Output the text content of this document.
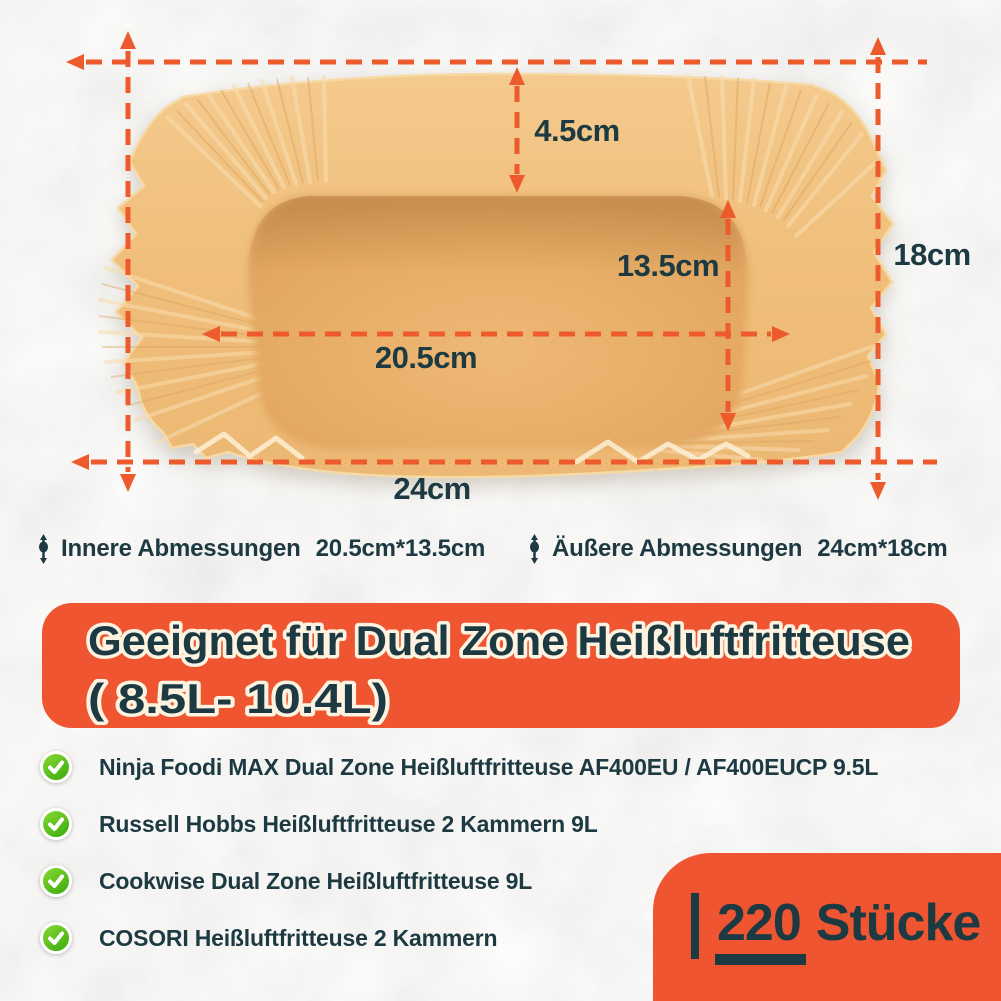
4.5cm
13.5cm
20.5cm
18cm
24cm
Innere Abmessungen 20.5cm*13.5cm	Äußere Abmessungen 24cm*18cm
Geeignet für Dual Zone Heißluftfritteuse
( 8.5L- 10.4L)
Ninja Foodi MAX Dual Zone Heißluftfritteuse AF400EU / AF400EUCP 9.5L
Russell Hobbs Heißluftfritteuse 2 Kammern 9L
Cookwise Dual Zone Heißluftfritteuse 9L
COSORI Heißluftfritteuse 2 Kammern	220 Stücke
